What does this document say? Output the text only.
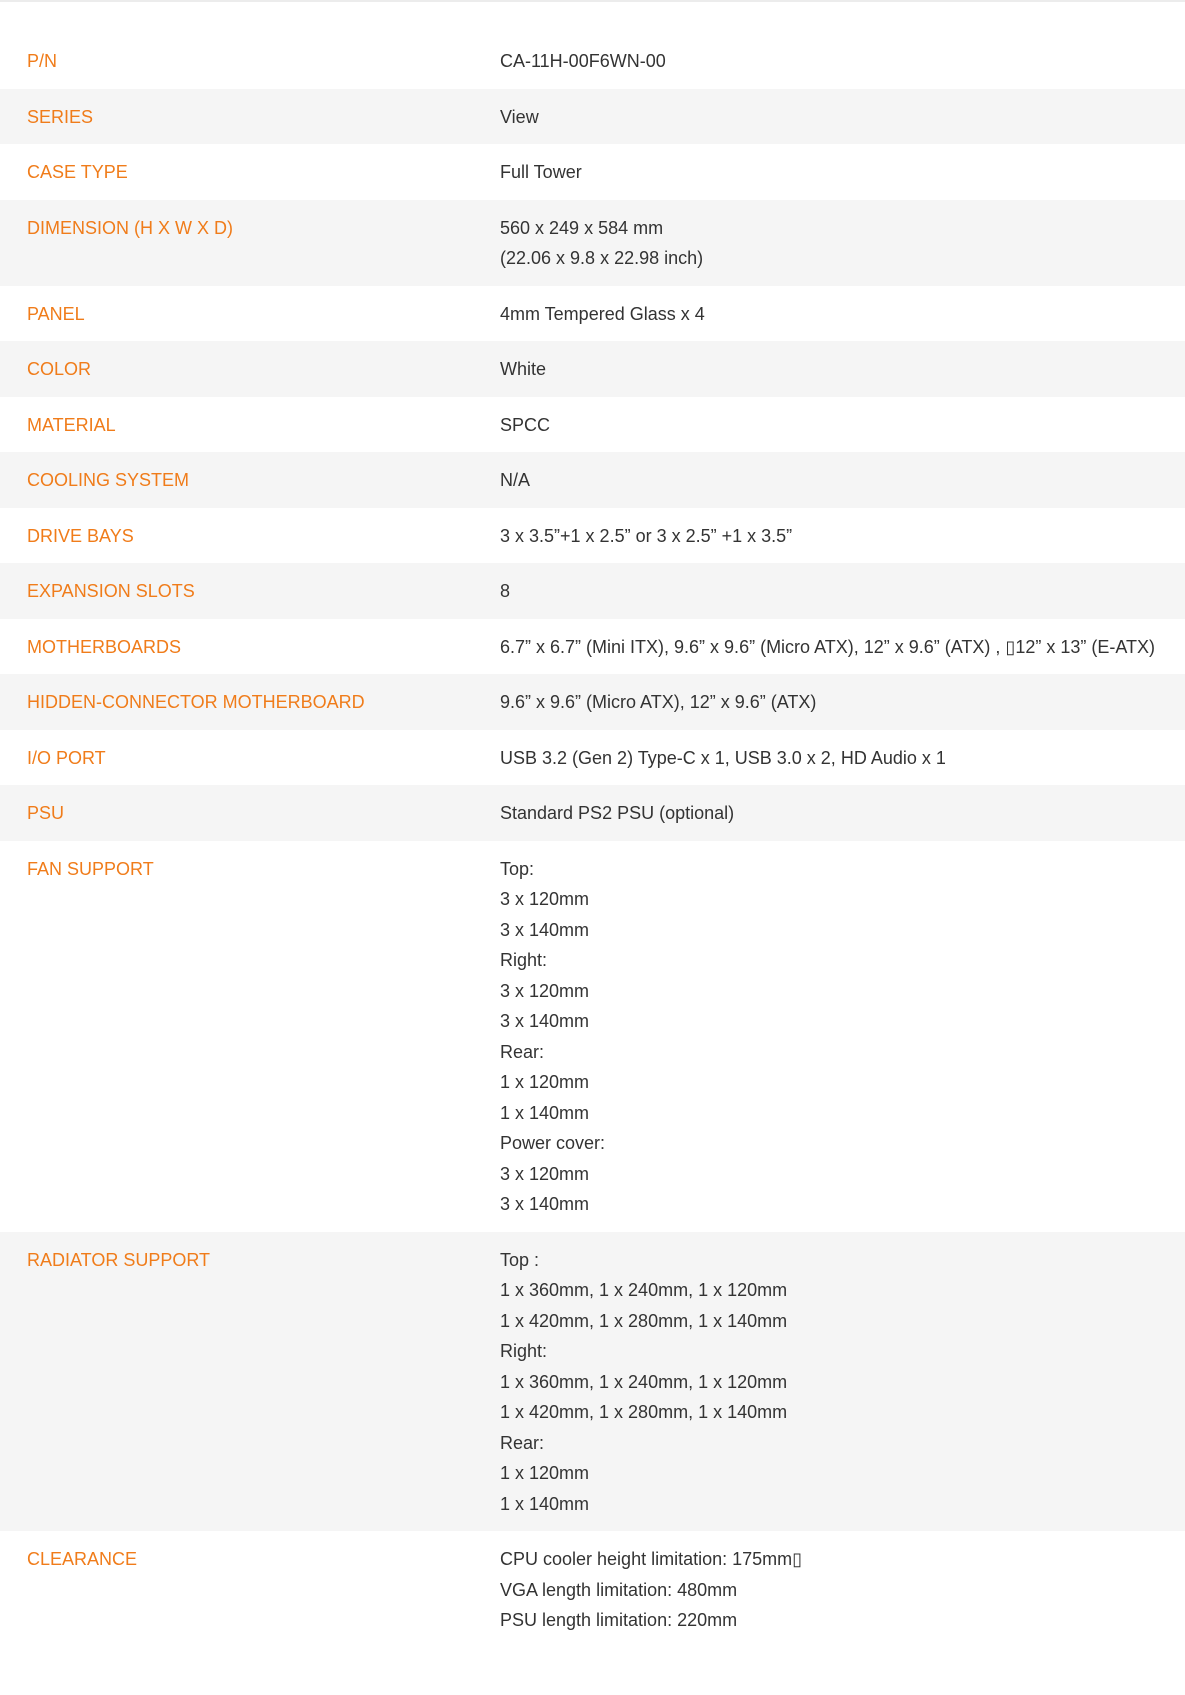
P/N	CA-11H-00F6WN-00
SERIES	View
CASE TYPE	Full Tower
DIMENSION (H X W X D)	560 x 249 x 584 mm
(22.06 x 9.8 x 22.98 inch)
PANEL	4mm Tempered Glass x 4
COLOR	White
MATERIAL	SPCC
COOLING SYSTEM	N/A
DRIVE BAYS	3 x 3.5”+1 x 2.5” or 3 x 2.5” +1 x 3.5”
EXPANSION SLOTS	8
MOTHERBOARDS	6.7” x 6.7” (Mini ITX), 9.6” x 9.6” (Micro ATX), 12” x 9.6” (ATX) , ▯12” x 13” (E-ATX)
HIDDEN-CONNECTOR MOTHERBOARD	9.6” x 9.6” (Micro ATX), 12” x 9.6” (ATX)
I/O PORT	USB 3.2 (Gen 2) Type-C x 1, USB 3.0 x 2, HD Audio x 1
PSU	Standard PS2 PSU (optional)
FAN SUPPORT	Top:
3 x 120mm
3 x 140mm
Right:
3 x 120mm
3 x 140mm
Rear:
1 x 120mm
1 x 140mm
Power cover:
3 x 120mm
3 x 140mm
RADIATOR SUPPORT	Top :
1 x 360mm, 1 x 240mm, 1 x 120mm
1 x 420mm, 1 x 280mm, 1 x 140mm
Right:
1 x 360mm, 1 x 240mm, 1 x 120mm
1 x 420mm, 1 x 280mm, 1 x 140mm
Rear:
1 x 120mm
1 x 140mm
CLEARANCE	CPU cooler height limitation: 175mm▯
VGA length limitation: 480mm
PSU length limitation: 220mm
